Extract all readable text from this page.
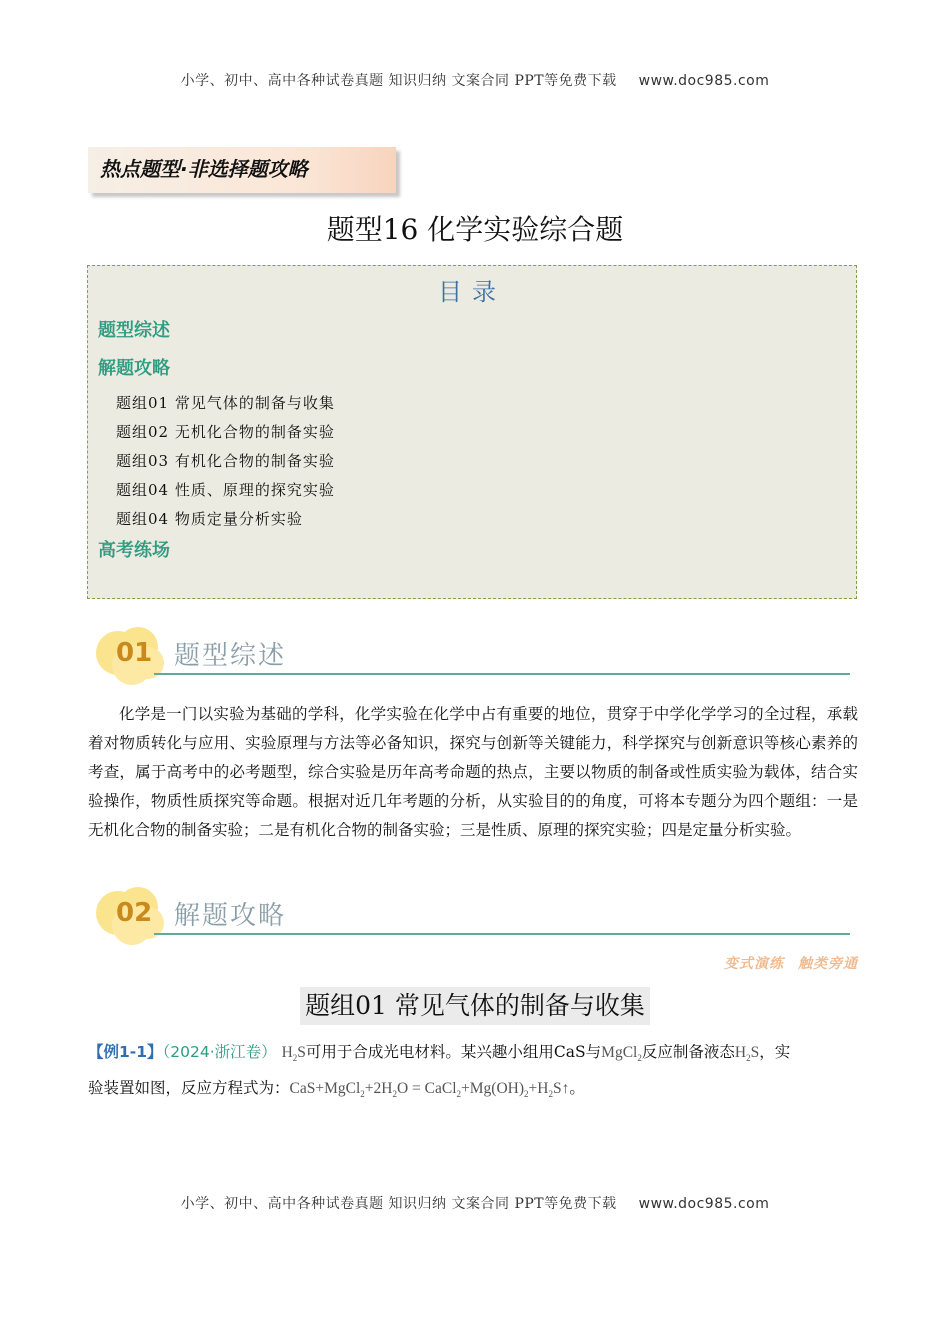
小学、初中、高中各种试卷真题 知识归纳 文案合同 PPT等免费下载 www.doc985.com
热点题型·非选择题攻略
题型16 化学实验综合题
目录
题型综述
解题攻略
题组01 常见气体的制备与收集
题组02 无机化合物的制备实验
题组03 有机化合物的制备实验
题组04 性质、原理的探究实验
题组04 物质定量分析实验
高考练场
01 题型综述

化学是一门以实验为基础的学科，化学实验在化学中占有重要的地位，贯穿于中学化学学习的全过程，承载着对物质转化与应用、实验原理与方法等必备知识，探究与创新等关键能力，科学探究与创新意识等核心素养的考查，属于高考中的必考题型，综合实验是历年高考命题的热点，主要以物质的制备或性质实验为载体，结合实验操作，物质性质探究等命题。根据对近几年考题的分析，从实验目的的角度，可将本专题分为四个题组：一是无机化合物的制备实验；二是有机化合物的制备实验；三是性质、原理的探究实验；四是定量分析实验。

02 解题攻略
变式演练 触类旁通
题组01 常见气体的制备与收集
【例1-1】（2024·浙江卷） $H_2S$可用于合成光电材料。某兴趣小组用CaS与MgCl$_2$反应制备液态$H_2S$，实
验装置如图，反应方程式为：$CaS+MgCl_2+2H_2O$ = $CaCl_2+Mg(OH)_2+H_2S↑$。
小学、初中、高中各种试卷真题 知识归纳 文案合同 PPT等免费下载 www.doc985.com
